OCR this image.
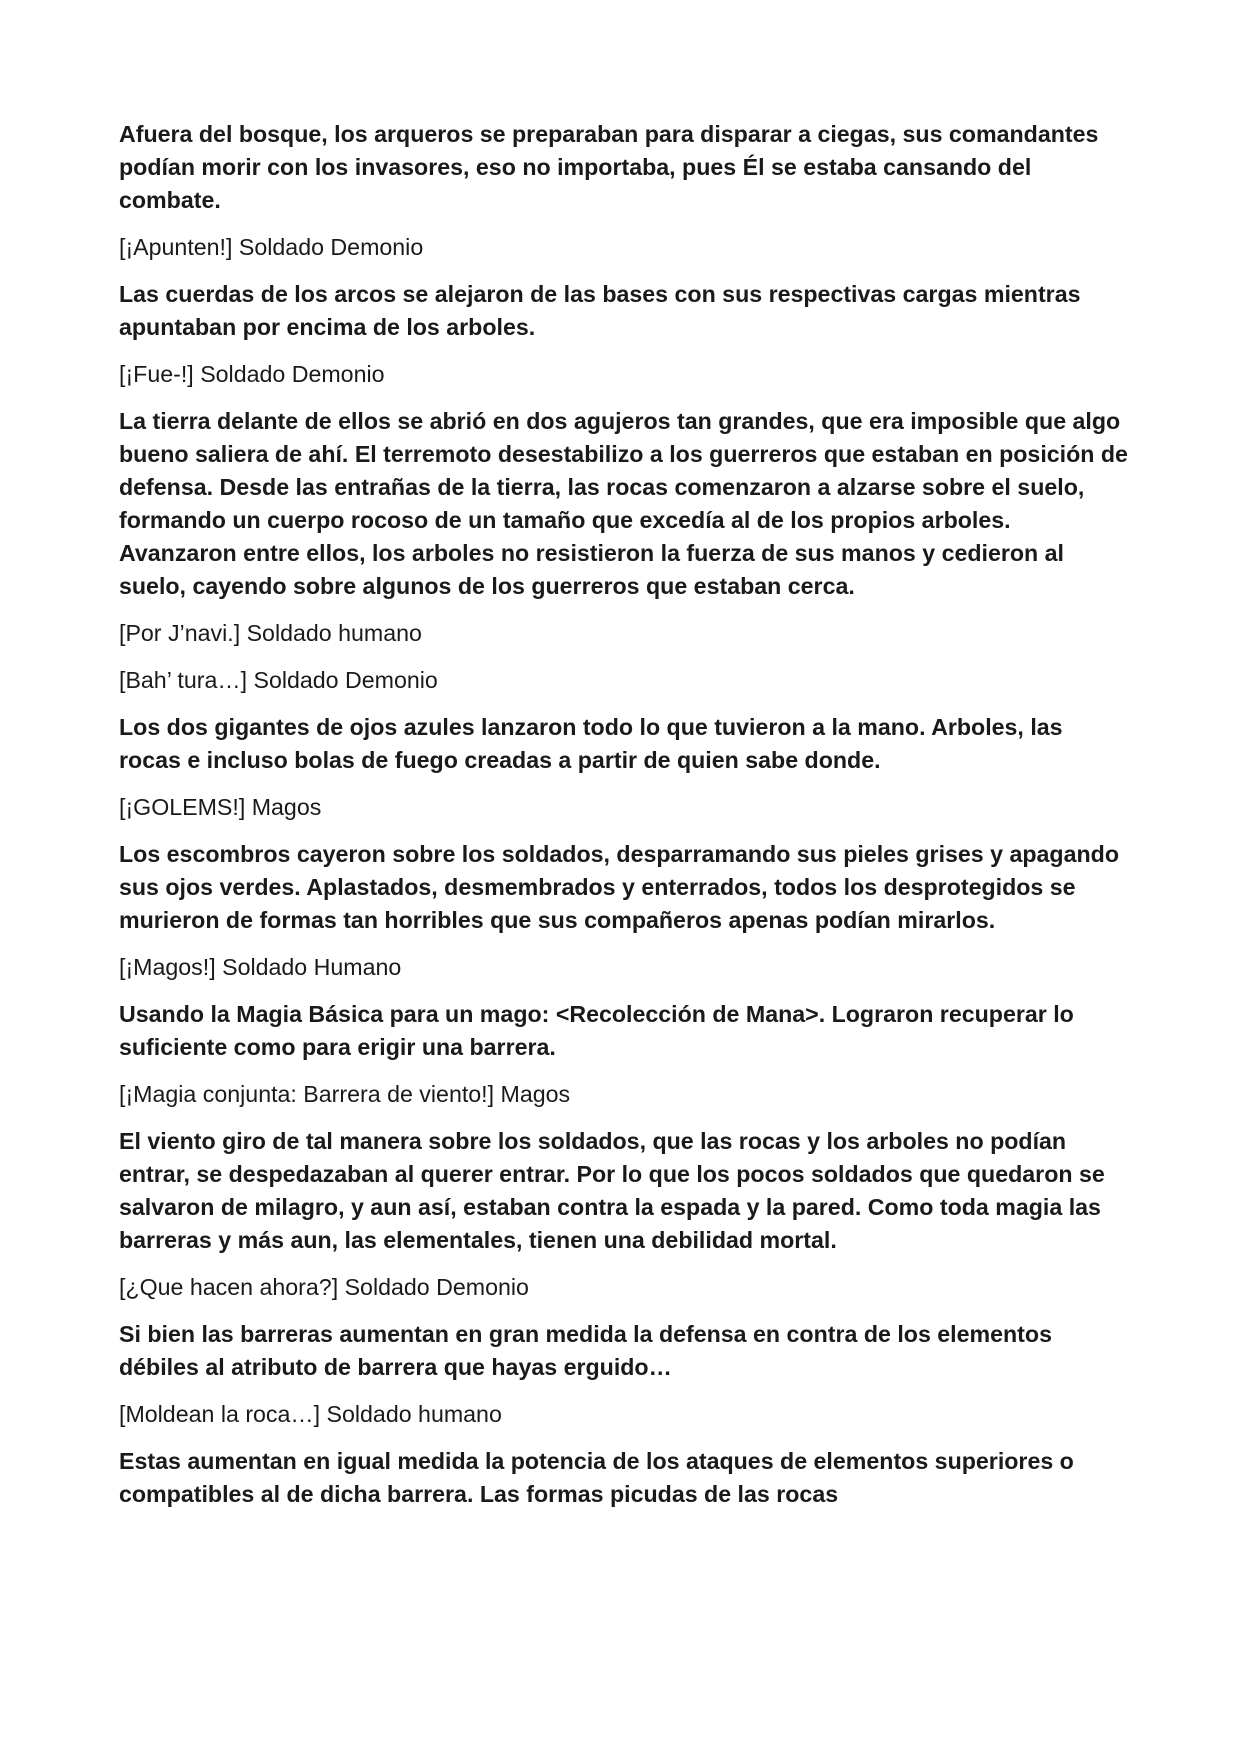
Afuera del bosque, los arqueros se preparaban para disparar a ciegas, sus comandantes podían morir con los invasores, eso no importaba, pues Él se estaba cansando del combate.

[¡Apunten!] Soldado Demonio

Las cuerdas de los arcos se alejaron de las bases con sus respectivas cargas mientras apuntaban por encima de los arboles.

[¡Fue-!] Soldado Demonio

La tierra delante de ellos se abrió en dos agujeros tan grandes, que era imposible que algo bueno saliera de ahí. El terremoto desestabilizo a los guerreros que estaban en posición de defensa. Desde las entrañas de la tierra, las rocas comenzaron a alzarse sobre el suelo, formando un cuerpo rocoso de un tamaño que excedía al de los propios arboles. Avanzaron entre ellos, los arboles no resistieron la fuerza de sus manos y cedieron al suelo, cayendo sobre algunos de los guerreros que estaban cerca.

[Por J’navi.] Soldado humano

[Bah’ tura…] Soldado Demonio

Los dos gigantes de ojos azules lanzaron todo lo que tuvieron a la mano. Arboles, las rocas e incluso bolas de fuego creadas a partir de quien sabe donde.

[¡GOLEMS!] Magos

Los escombros cayeron sobre los soldados, desparramando sus pieles grises y apagando sus ojos verdes. Aplastados, desmembrados y enterrados, todos los desprotegidos se murieron de formas tan horribles que sus compañeros apenas podían mirarlos.

[¡Magos!] Soldado Humano

Usando la Magia Básica para un mago: <Recolección de Mana>. Lograron recuperar lo suficiente como para erigir una barrera.

[¡Magia conjunta: Barrera de viento!] Magos

El viento giro de tal manera sobre los soldados, que las rocas y los arboles no podían entrar, se despedazaban al querer entrar. Por lo que los pocos soldados que quedaron se salvaron de milagro, y aun así, estaban contra la espada y la pared. Como toda magia las barreras y más aun, las elementales, tienen una debilidad mortal.

[¿Que hacen ahora?] Soldado Demonio

Si bien las barreras aumentan en gran medida la defensa en contra de los elementos débiles al atributo de barrera que hayas erguido…

[Moldean la roca…] Soldado humano

Estas aumentan en igual medida la potencia de los ataques de elementos superiores o compatibles al de dicha barrera. Las formas picudas de las rocas
